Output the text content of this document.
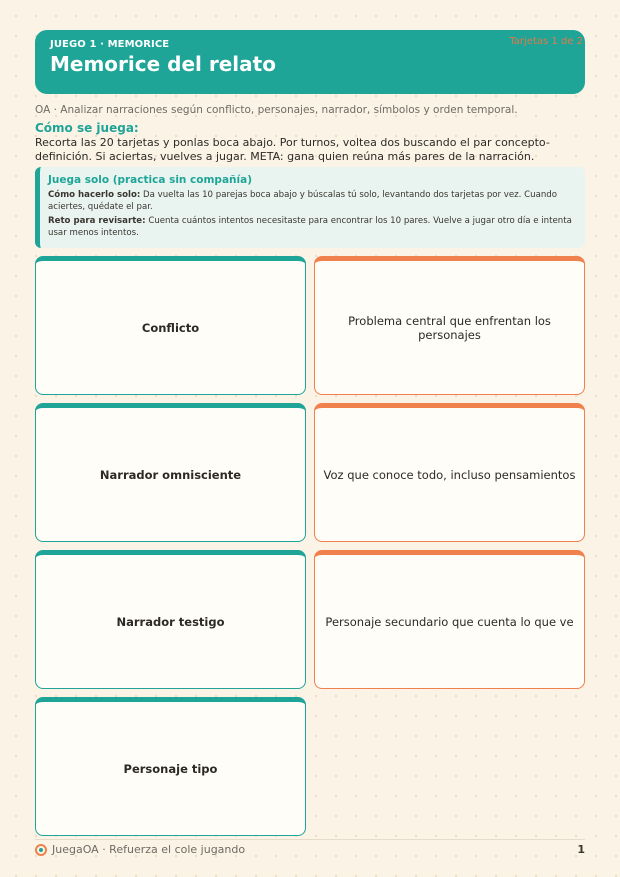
JUEGO 1 · MEMORICE
Memorice del relato
Tarjetas 1 de 2
OA · Analizar narraciones según conflicto, personajes, narrador, símbolos y orden temporal.
Cómo se juega:
Recorta las 20 tarjetas y ponlas boca abajo. Por turnos, voltea dos buscando el par concepto-definición. Si aciertas, vuelves a jugar. META: gana quien reúna más pares de la narración.
Juega solo (practica sin compañía)
Cómo hacerlo solo: Da vuelta las 10 parejas boca abajo y búscalas tú solo, levantando dos tarjetas por vez. Cuando aciertes, quédate el par.
Reto para revisarte: Cuenta cuántos intentos necesitaste para encontrar los 10 pares. Vuelve a jugar otro día e intenta usar menos intentos.
Conflicto	Problema central que enfrentan los personajes
Narrador omnisciente	Voz que conoce todo, incluso pensamientos
Narrador testigo	Personaje secundario que cuenta lo que ve
Personaje tipo
JuegaOA · Refuerza el cole jugando	1
